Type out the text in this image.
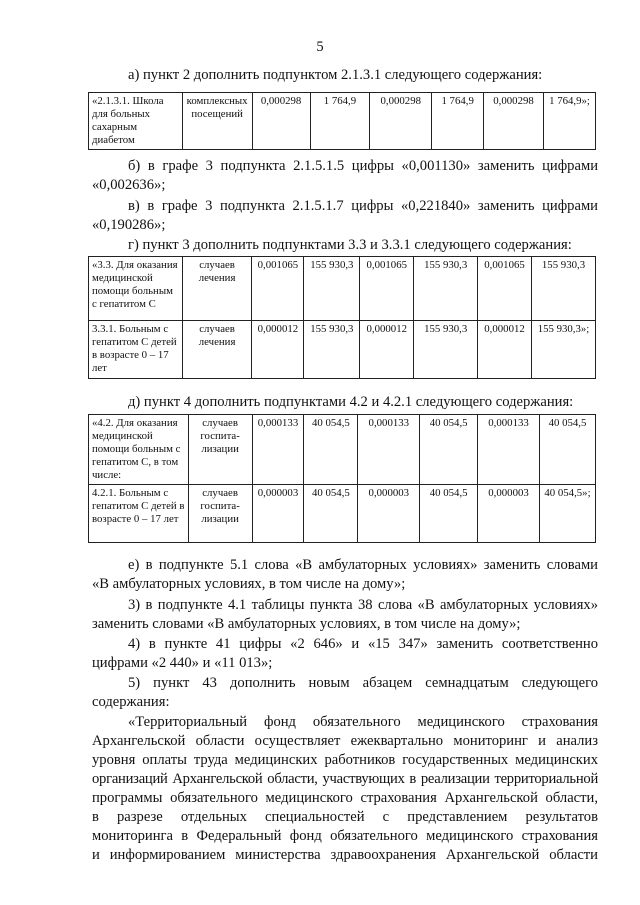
5
а) пункт 2 дополнить подпунктом 2.1.3.1 следующего содержания:
«2.1.3.1. Школа для больных сахарным диабетом	комплексных посещений	0,000298	1 764,9	0,000298	1 764,9	0,000298	1 764,9»;
б) в графе 3 подпункта 2.1.5.1.5 цифры «0,001130» заменить цифрами
«0,002636»;
в) в графе 3 подпункта 2.1.5.1.7 цифры «0,221840» заменить цифрами
«0,190286»;
г) пункт 3 дополнить подпунктами 3.3 и 3.3.1 следующего содержания:
«3.3. Для оказания медицинской помощи больным с гепатитом С	случаев лечения	0,001065	155 930,3	0,001065	155 930,3	0,001065	155 930,3
3.3.1. Больным с гепатитом С детей в возрасте 0 – 17 лет	случаев лечения	0,000012	155 930,3	0,000012	155 930,3	0,000012	155 930,3»;
д) пункт 4 дополнить подпунктами 4.2 и 4.2.1 следующего содержания:
«4.2. Для оказания медицинской помощи больным с гепатитом С, в том числе:	случаев госпита-лизации	0,000133	40 054,5	0,000133	40 054,5	0,000133	40 054,5
4.2.1. Больным с гепатитом С детей в возрасте 0 – 17 лет	случаев госпита-лизации	0,000003	40 054,5	0,000003	40 054,5	0,000003	40 054,5»;
е) в подпункте 5.1 слова «В амбулаторных условиях» заменить словами
«В амбулаторных условиях, в том числе на дому»;
3) в подпункте 4.1 таблицы пункта 38 слова «В амбулаторных условиях»
заменить словами «В амбулаторных условиях, в том числе на дому»;
4) в пункте 41 цифры «2 646» и «15 347» заменить соответственно
цифрами «2 440» и «11 013»;
5) пункт 43 дополнить новым абзацем семнадцатым следующего
содержания:
«Территориальный фонд обязательного медицинского страхования
Архангельской области осуществляет ежеквартально мониторинг и анализ
уровня оплаты труда медицинских работников государственных медицинских
организаций Архангельской области, участвующих в реализации территориальной
программы обязательного медицинского страхования Архангельской области,
в разрезе отдельных специальностей с представлением результатов
мониторинга в Федеральный фонд обязательного медицинского страхования
и информированием министерства здравоохранения Архангельской области
